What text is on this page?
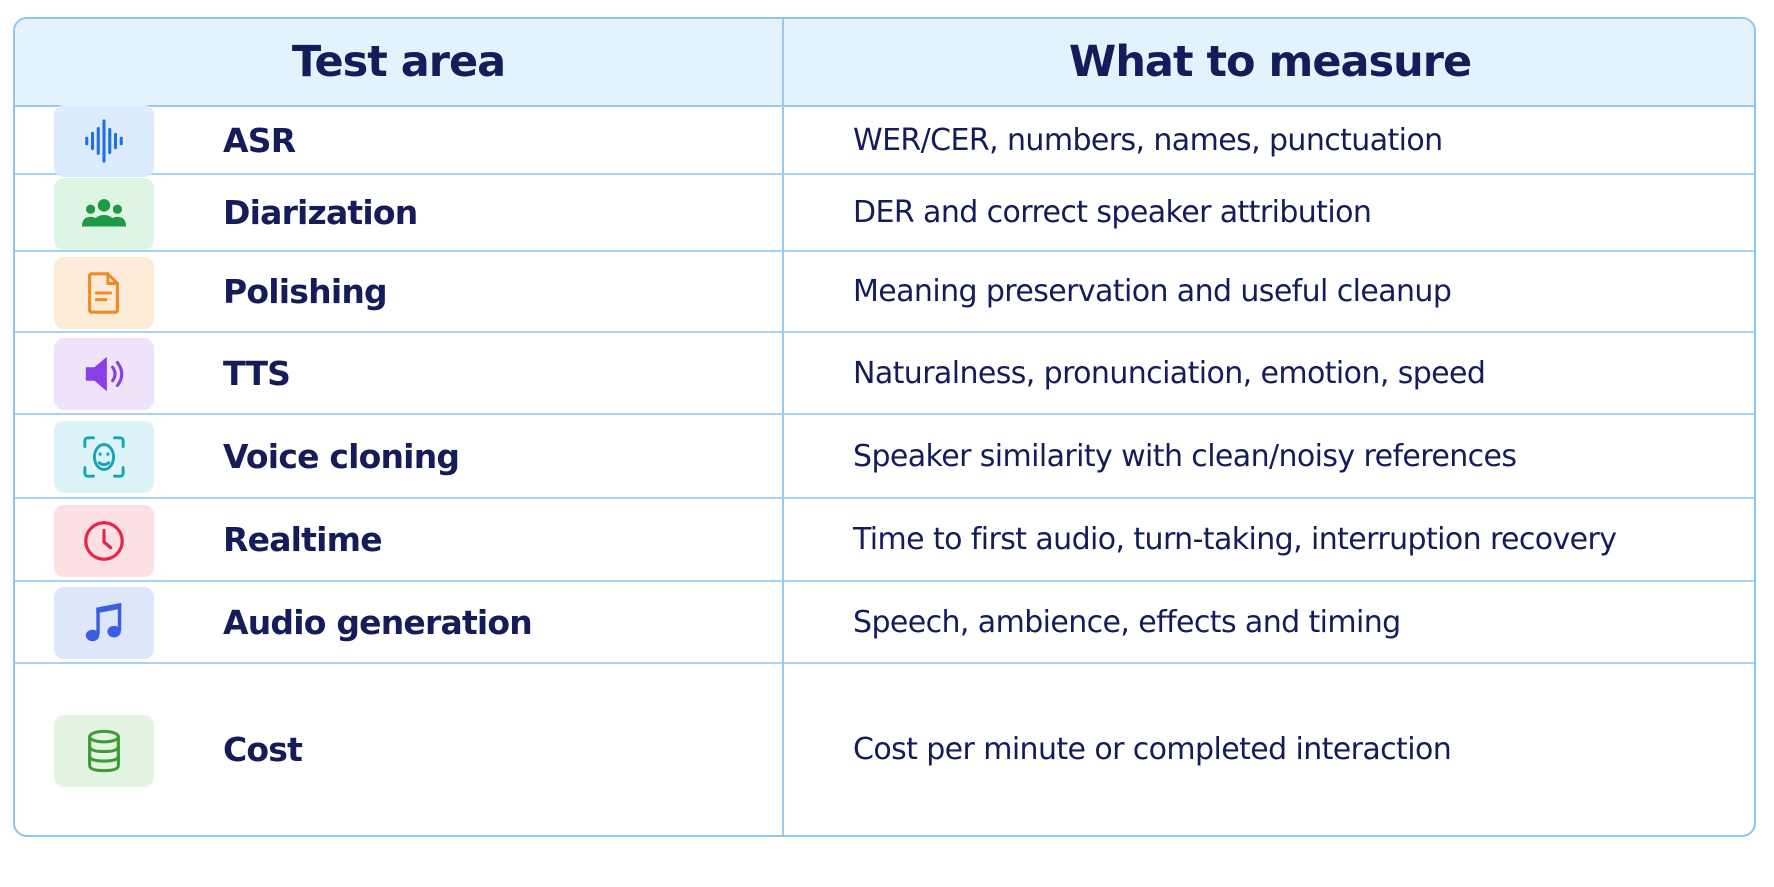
Test area	What to measure
ASR	WER/CER, numbers, names, punctuation
Diarization	DER and correct speaker attribution
Polishing	Meaning preservation and useful cleanup
TTS	Naturalness, pronunciation, emotion, speed
Voice cloning	Speaker similarity with clean/noisy references
Realtime	Time to first audio, turn-taking, interruption recovery
Audio generation	Speech, ambience, effects and timing
Cost	Cost per minute or completed interaction
